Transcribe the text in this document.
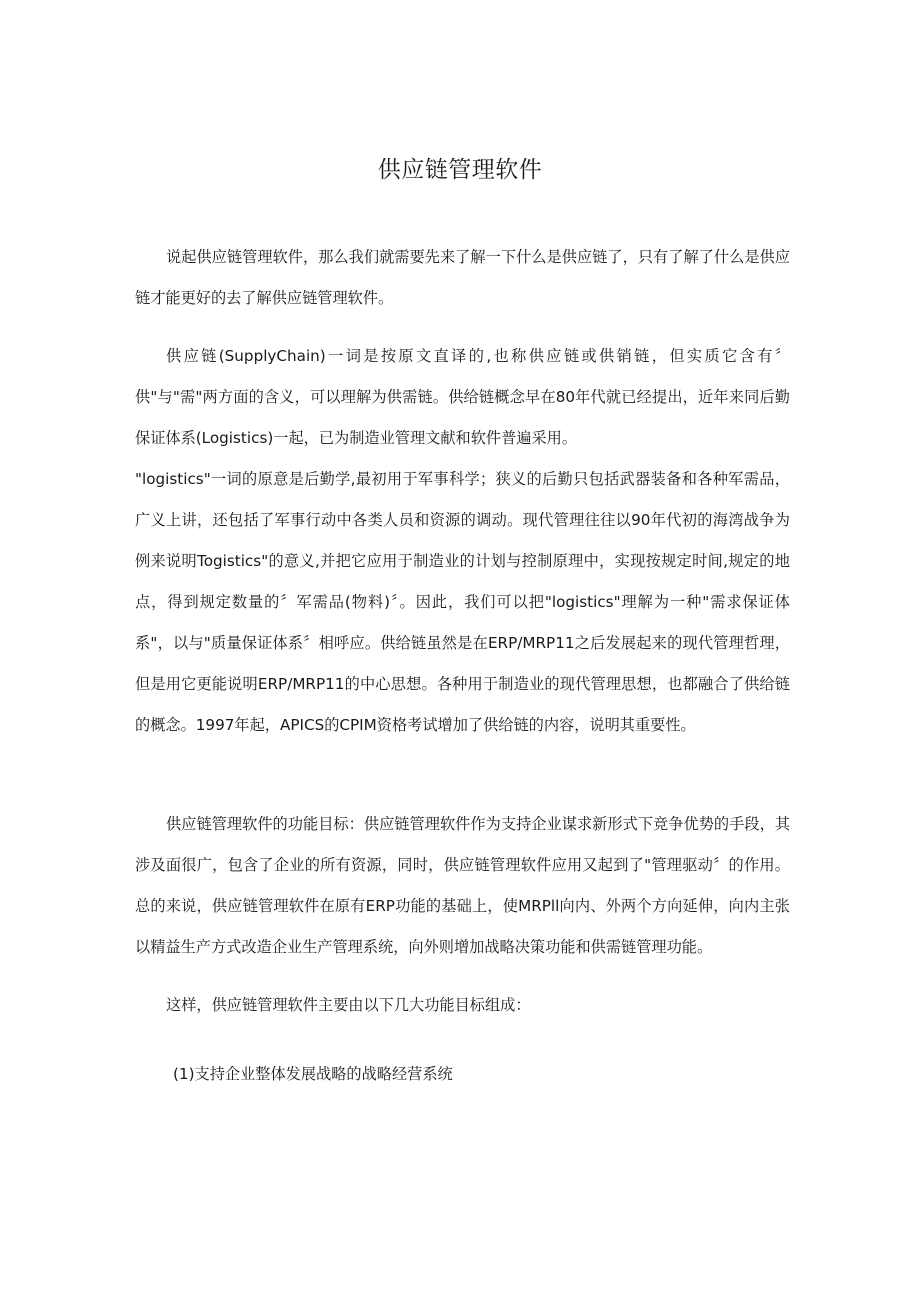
供应链管理软件

说起供应链管理软件，那么我们就需要先来了解一下什么是供应链了，只有了解了什么是供应链才能更好的去了解供应链管理软件。

供应链(SupplyChain)一词是按原文直译的,也称供应链或供销链，但实质它含有〞供"与"需"两方面的含义，可以理解为供需链。供给链概念早在80年代就已经提出，近年来同后勤保证体系(Logistics)一起，已为制造业管理文献和软件普遍采用。

"logistics"一词的原意是后勤学,最初用于军事科学；狭义的后勤只包括武器装备和各种军需品，广义上讲，还包括了军事行动中各类人员和资源的调动。现代管理往往以90年代初的海湾战争为例来说明Togistics"的意义,并把它应用于制造业的计划与控制原理中，实现按规定时间,规定的地点，得到规定数量的〞军需品(物料)〞。因此，我们可以把"logistics"理解为一种"需求保证体系"，以与"质量保证体系〞相呼应。供给链虽然是在ERP/MRP11之后发展起来的现代管理哲理，但是用它更能说明ERP/MRP11的中心思想。各种用于制造业的现代管理思想，也都融合了供给链的概念。1997年起，APICS的CPIM资格考试增加了供给链的内容，说明其重要性。

供应链管理软件的功能目标：供应链管理软件作为支持企业谋求新形式下竞争优势的手段，其涉及面很广，包含了企业的所有资源，同时，供应链管理软件应用又起到了"管理驱动〞的作用。总的来说，供应链管理软件在原有ERP功能的基础上，使MRPll向内、外两个方向延伸，向内主张以精益生产方式改造企业生产管理系统，向外则增加战略决策功能和供需链管理功能。

这样，供应链管理软件主要由以下几大功能目标组成：

(1)支持企业整体发展战略的战略经营系统
